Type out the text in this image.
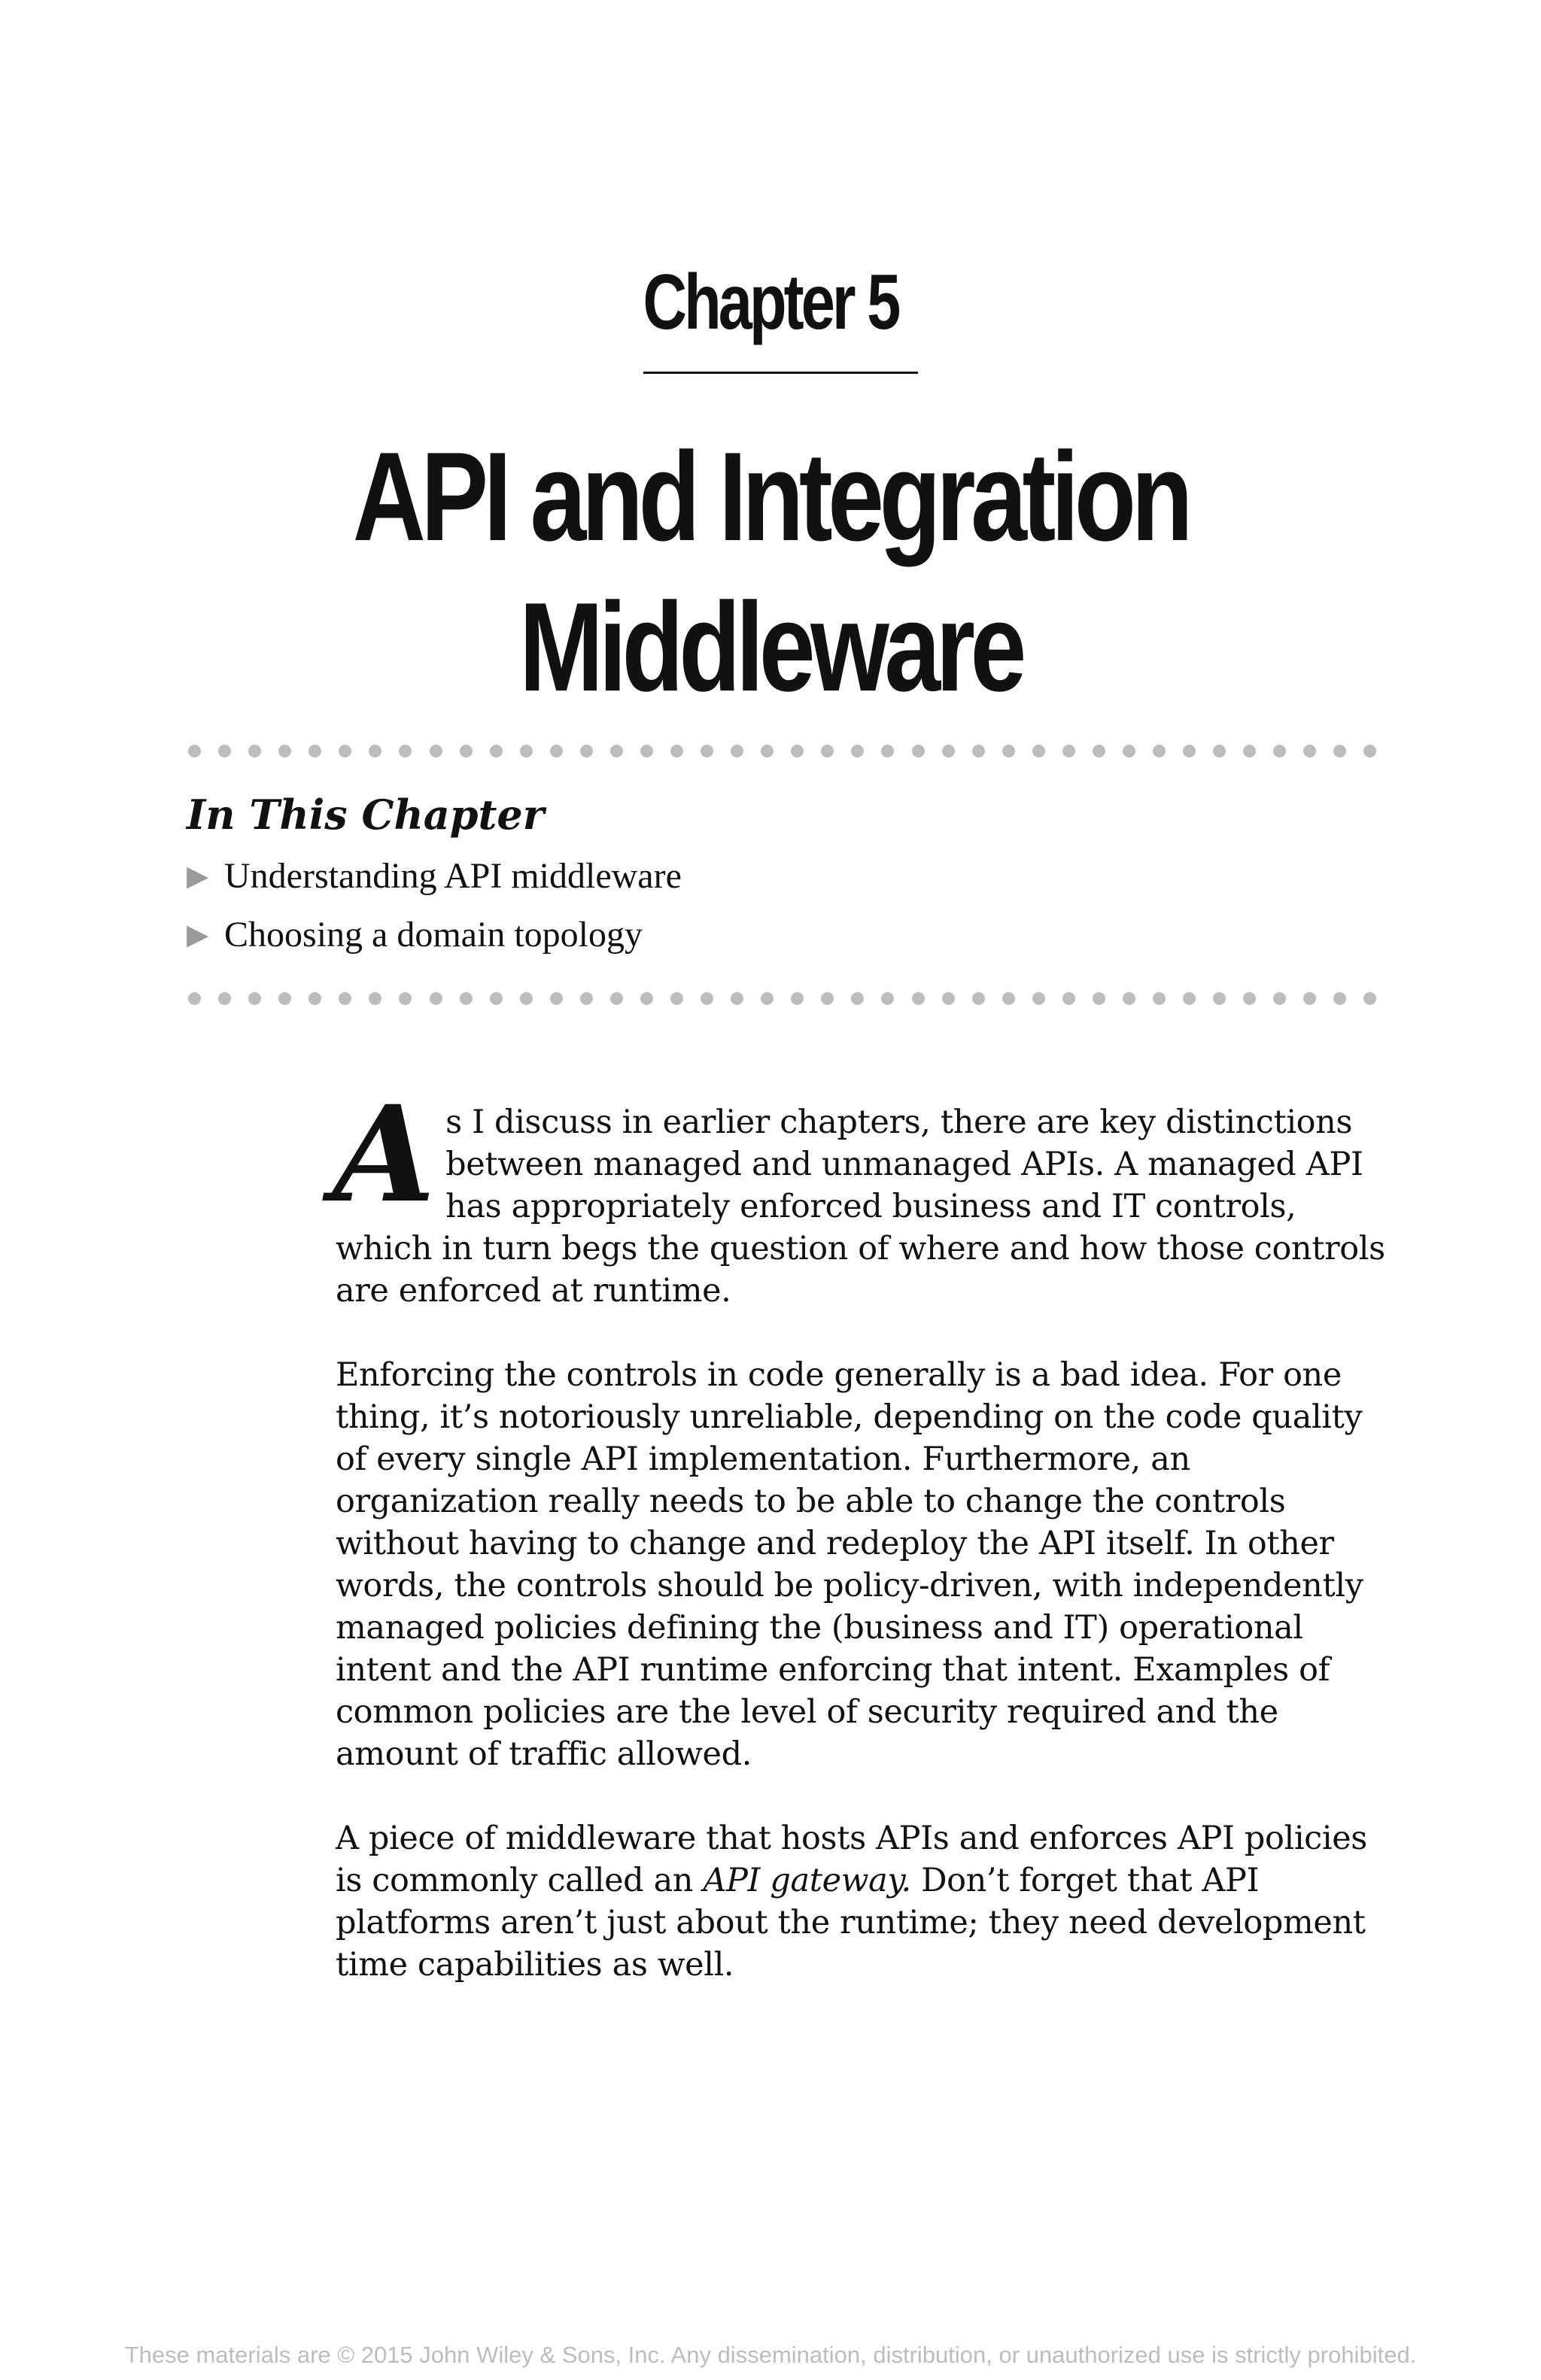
Chapter 5
API and Integration
Middleware
In This Chapter
▶ Understanding API middleware
▶ Choosing a domain topology

As I discuss in earlier chapters, there are key distinctions between managed and unmanaged APIs. A managed API has appropriately enforced business and IT controls, which in turn begs the question of where and how those controls are enforced at runtime.

Enforcing the controls in code generally is a bad idea. For one thing, it’s notoriously unreliable, depending on the code quality of every single API implementation. Furthermore, an organization really needs to be able to change the controls without having to change and redeploy the API itself. In other words, the controls should be policy-driven, with independently managed policies defining the (business and IT) operational intent and the API runtime enforcing that intent. Examples of common policies are the level of security required and the amount of traffic allowed.

A piece of middleware that hosts APIs and enforces API policies is commonly called an API gateway. Don’t forget that API platforms aren’t just about the runtime; they need development time capabilities as well.

These materials are © 2015 John Wiley & Sons, Inc. Any dissemination, distribution, or unauthorized use is strictly prohibited.
